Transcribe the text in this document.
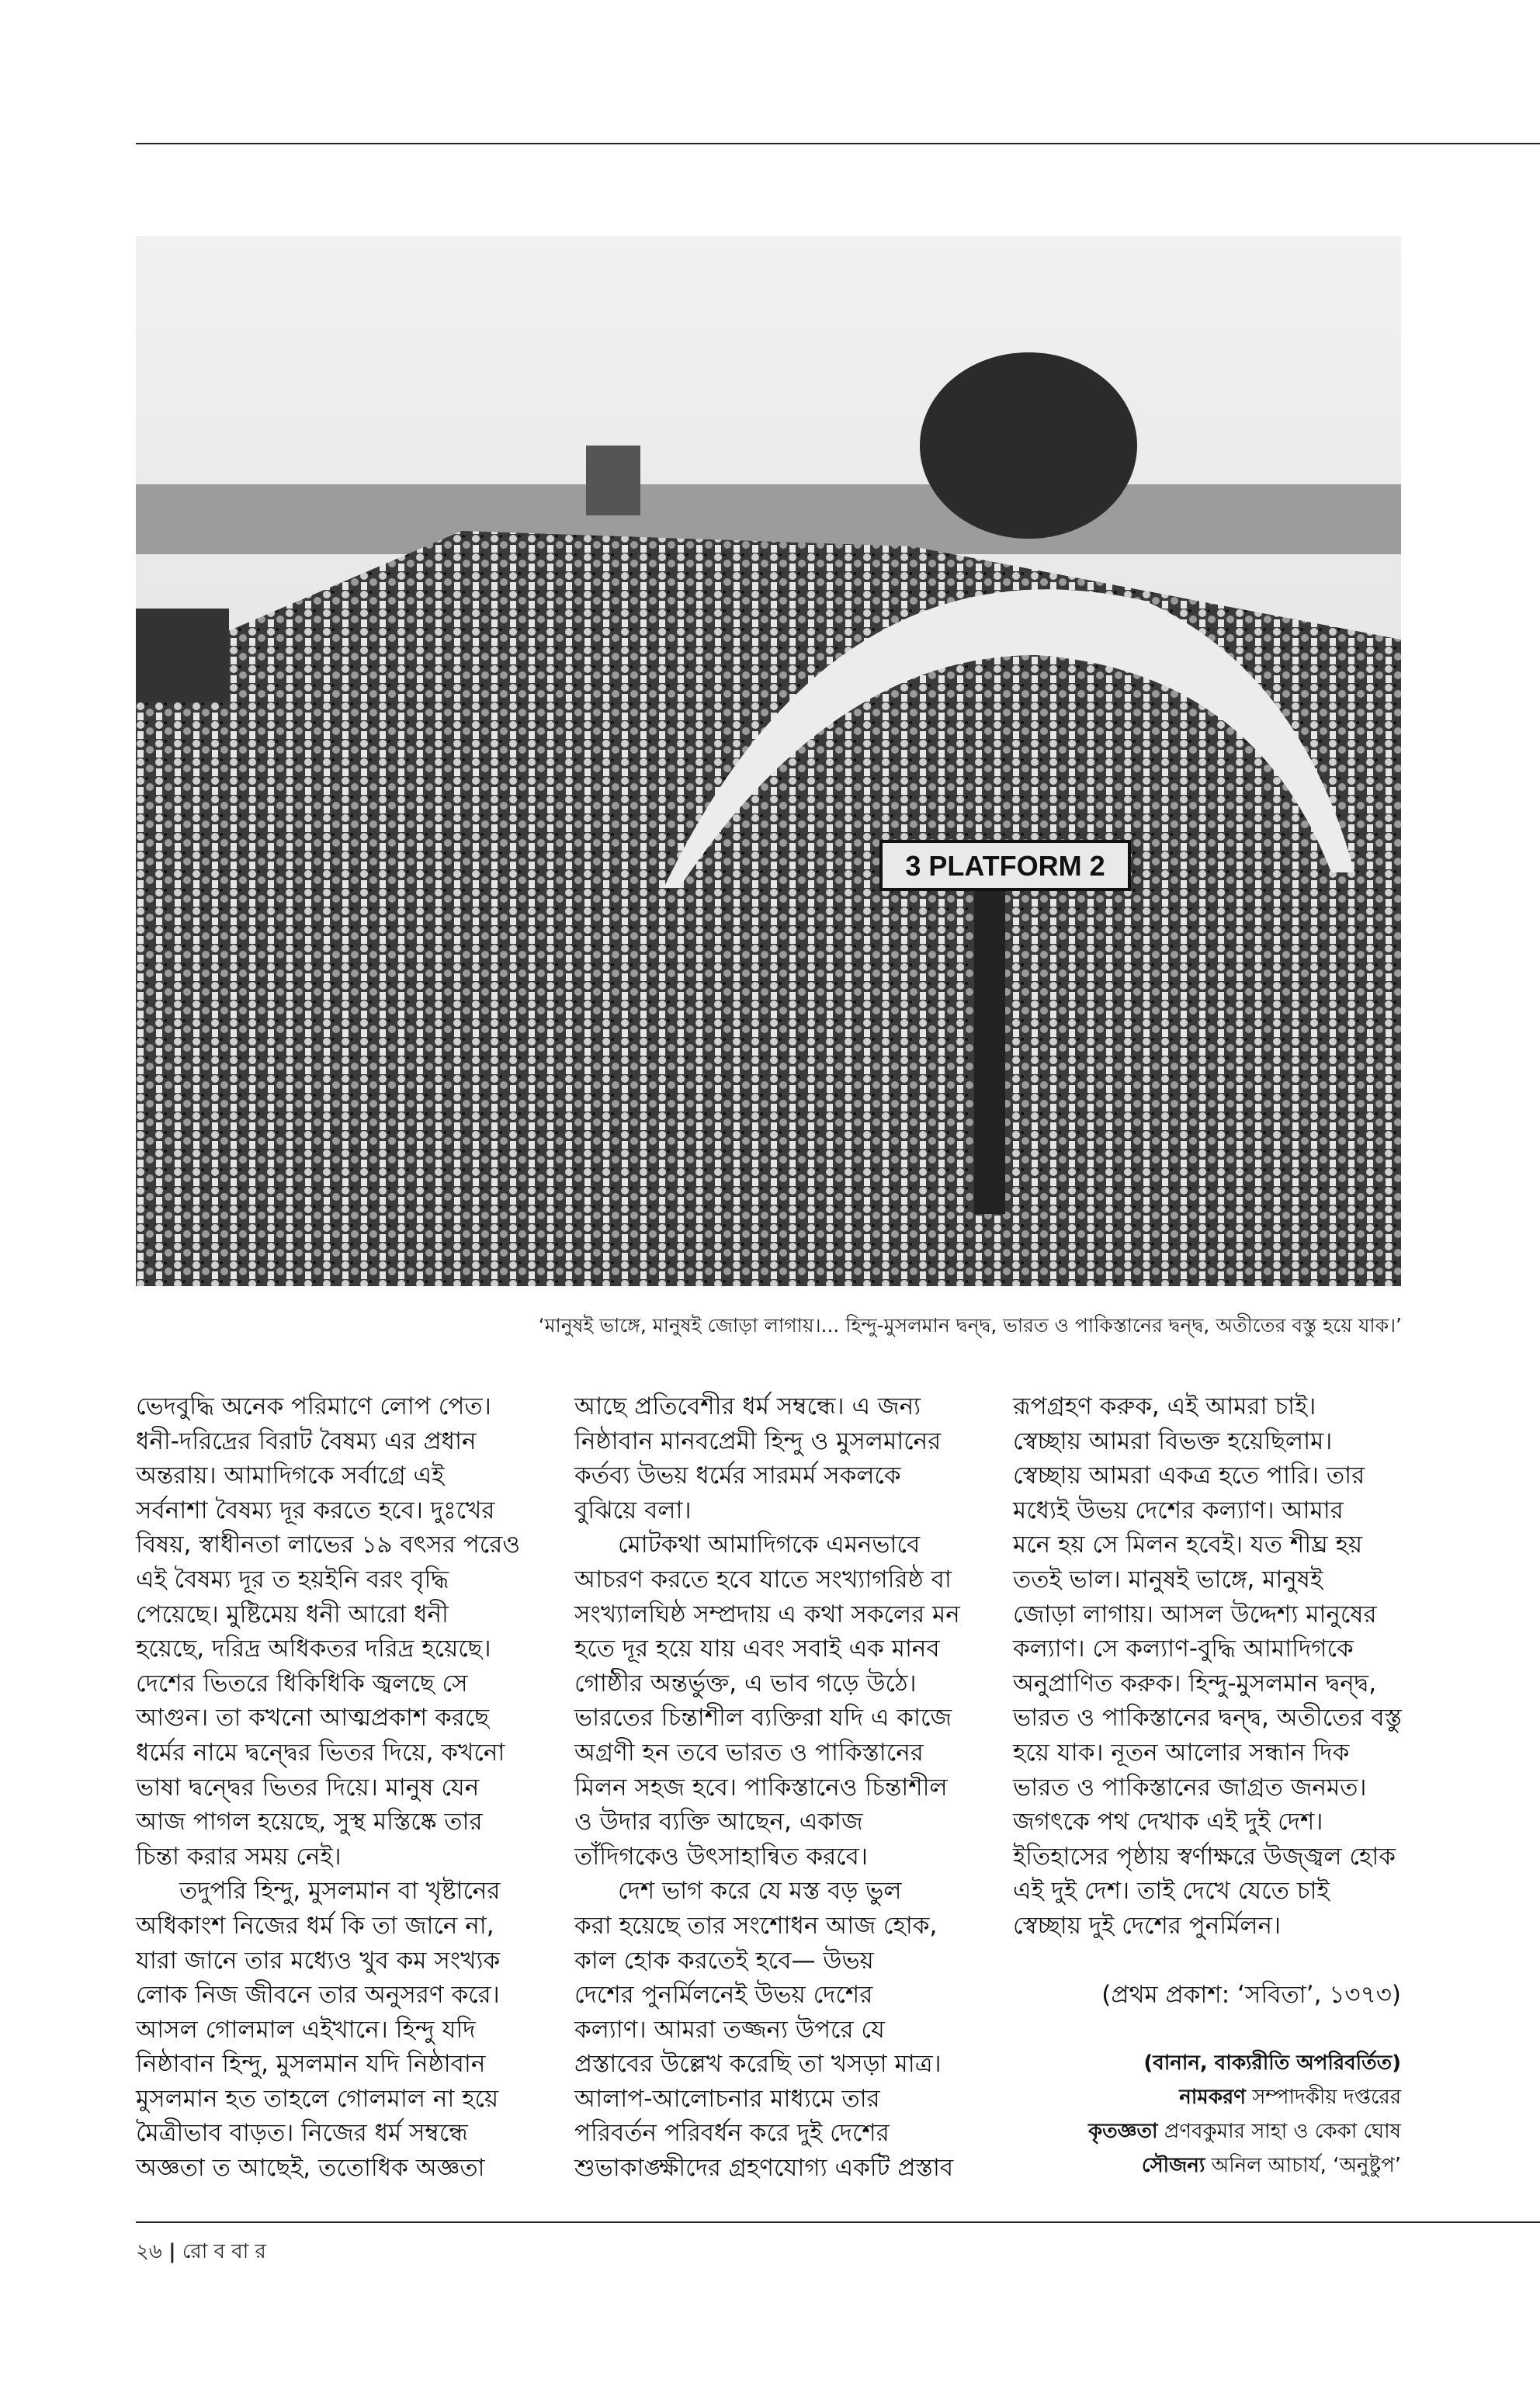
3 PLATFORM 2
‘মানুষই ভাঙ্গে, মানুষই জোড়া লাগায়।... হিন্দু-মুসলমান দ্বন্দ্ব, ভারত ও পাকিস্তানের দ্বন্দ্ব, অতীতের বস্তু হয়ে যাক।’
ভেদবুদ্ধি অনেক পরিমাণে লোপ পেত।
ধনী-দরিদ্রের বিরাট বৈষম্য এর প্রধান
অন্তরায়। আমাদিগকে সর্বাগ্রে এই
সর্বনাশা বৈষম্য দূর করতে হবে। দুঃখের
বিষয়, স্বাধীনতা লাভের ১৯ বৎসর পরেও
এই বৈষম্য দূর ত হয়ইনি বরং বৃদ্ধি
পেয়েছে। মুষ্টিমেয় ধনী আরো ধনী
হয়েছে, দরিদ্র অধিকতর দরিদ্র হয়েছে।
দেশের ভিতরে ধিকিধিকি জ্বলছে সে
আগুন। তা কখনো আত্মপ্রকাশ করছে
ধর্মের নামে দ্বন্দ্বের ভিতর দিয়ে, কখনো
ভাষা দ্বন্দ্বের ভিতর দিয়ে। মানুষ যেন
আজ পাগল হয়েছে, সুস্থ মস্তিষ্কে তার
চিন্তা করার সময় নেই।
তদুপরি হিন্দু, মুসলমান বা খৃষ্টানের
অধিকাংশ নিজের ধর্ম কি তা জানে না,
যারা জানে তার মধ্যেও খুব কম সংখ্যক
লোক নিজ জীবনে তার অনুসরণ করে।
আসল গোলমাল এইখানে। হিন্দু যদি
নিষ্ঠাবান হিন্দু, মুসলমান যদি নিষ্ঠাবান
মুসলমান হত তাহলে গোলমাল না হয়ে
মৈত্রীভাব বাড়ত। নিজের ধর্ম সম্বন্ধে
অজ্ঞতা ত আছেই, ততোধিক অজ্ঞতা
আছে প্রতিবেশীর ধর্ম সম্বন্ধে। এ জন্য
নিষ্ঠাবান মানবপ্রেমী হিন্দু ও মুসলমানের
কর্তব্য উভয় ধর্মের সারমর্ম সকলকে
বুঝিয়ে বলা।
মোটকথা আমাদিগকে এমনভাবে
আচরণ করতে হবে যাতে সংখ্যাগরিষ্ঠ বা
সংখ্যালঘিষ্ঠ সম্প্রদায় এ কথা সকলের মন
হতে দূর হয়ে যায় এবং সবাই এক মানব
গোষ্ঠীর অন্তর্ভুক্ত, এ ভাব গড়ে উঠে।
ভারতের চিন্তাশীল ব্যক্তিরা যদি এ কাজে
অগ্রণী হন তবে ভারত ও পাকিস্তানের
মিলন সহজ হবে। পাকিস্তানেও চিন্তাশীল
ও উদার ব্যক্তি আছেন, একাজ
তাঁদিগকেও উৎসাহান্বিত করবে।
দেশ ভাগ করে যে মস্ত বড় ভুল
করা হয়েছে তার সংশোধন আজ হোক,
কাল হোক করতেই হবে— উভয়
দেশের পুনর্মিলনেই উভয় দেশের
কল্যাণ। আমরা তজ্জন্য উপরে যে
প্রস্তাবের উল্লেখ করেছি তা খসড়া মাত্র।
আলাপ-আলোচনার মাধ্যমে তার
পরিবর্তন পরিবর্ধন করে দুই দেশের
শুভাকাঙ্ক্ষীদের গ্রহণযোগ্য একটি প্রস্তাব
রূপগ্রহণ করুক, এই আমরা চাই।
স্বেচ্ছায় আমরা বিভক্ত হয়েছিলাম।
স্বেচ্ছায় আমরা একত্র হতে পারি। তার
মধ্যেই উভয় দেশের কল্যাণ। আমার
মনে হয় সে মিলন হবেই। যত শীঘ্র হয়
ততই ভাল। মানুষই ভাঙ্গে, মানুষই
জোড়া লাগায়। আসল উদ্দেশ্য মানুষের
কল্যাণ। সে কল্যাণ-বুদ্ধি আমাদিগকে
অনুপ্রাণিত করুক। হিন্দু-মুসলমান দ্বন্দ্ব,
ভারত ও পাকিস্তানের দ্বন্দ্ব, অতীতের বস্তু
হয়ে যাক। নূতন আলোর সন্ধান দিক
ভারত ও পাকিস্তানের জাগ্রত জনমত।
জগৎকে পথ দেখাক এই দুই দেশ।
ইতিহাসের পৃষ্ঠায় স্বর্ণাক্ষরে উজ্জ্বল হোক
এই দুই দেশ। তাই দেখে যেতে চাই
স্বেচ্ছায় দুই দেশের পুনর্মিলন।
(প্রথম প্রকাশ: ‘সবিতা’, ১৩৭৩)
(বানান, বাক্যরীতি অপরিবর্তিত)
নামকরণ সম্পাদকীয় দপ্তরের
কৃতজ্ঞতা প্রণবকুমার সাহা ও কেকা ঘোষ
সৌজন্য অনিল আচার্য, ‘অনুষ্টুপ’
২৬ | রো ব বা র
